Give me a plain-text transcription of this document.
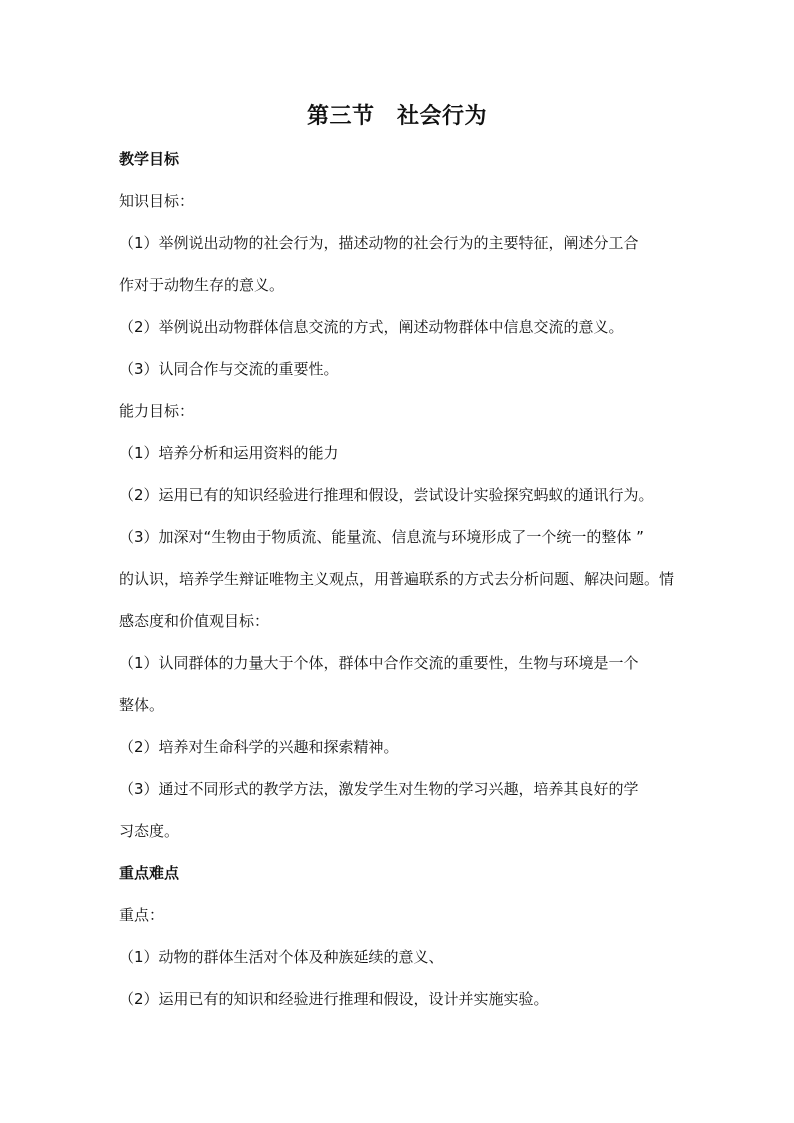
第三节　社会行为
教学目标
知识目标：
（1）举例说出动物的社会行为，描述动物的社会行为的主要特征，阐述分工合
作对于动物生存的意义。
（2）举例说出动物群体信息交流的方式，阐述动物群体中信息交流的意义。
（3）认同合作与交流的重要性。
能力目标：
（1）培养分析和运用资料的能力
（2）运用已有的知识经验进行推理和假设，尝试设计实验探究蚂蚁的通讯行为。
（3）加深对“生物由于物质流、能量流、信息流与环境形成了一个统一的整体 ”
的认识，培养学生辩证唯物主义观点，用普遍联系的方式去分析问题、解决问题。情
感态度和价值观目标：
（1）认同群体的力量大于个体，群体中合作交流的重要性，生物与环境是一个
整体。
（2）培养对生命科学的兴趣和探索精神。
（3）通过不同形式的教学方法，激发学生对生物的学习兴趣，培养其良好的学
习态度。
重点难点
重点：
（1）动物的群体生活对个体及种族延续的意义、
（2）运用已有的知识和经验进行推理和假设，设计并实施实验。
